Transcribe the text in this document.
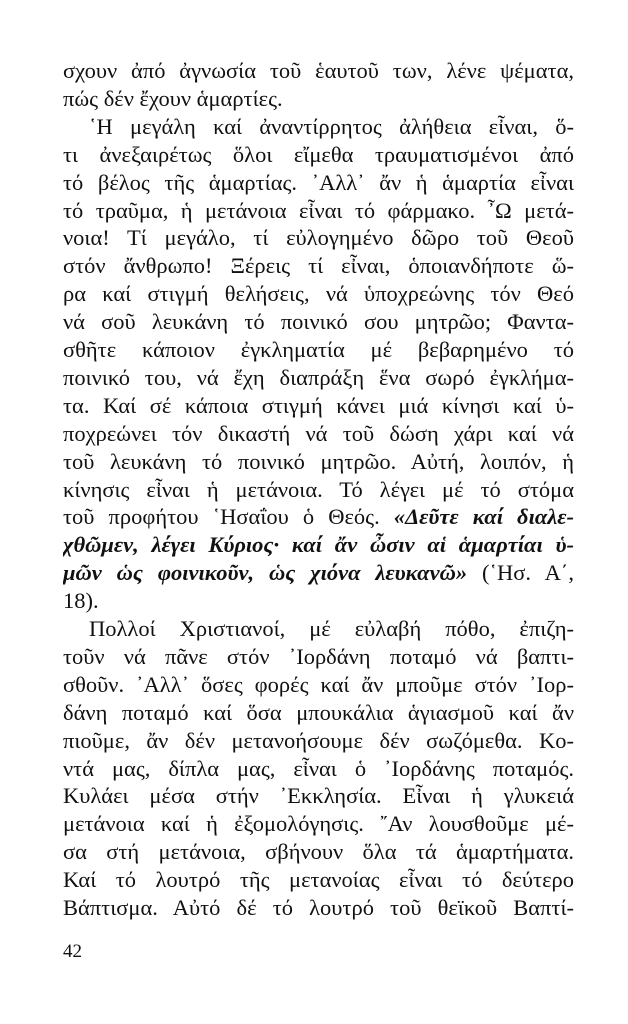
σχουν ἀπό ἀγνωσία τοῦ ἑαυτοῦ των, λένε ψέματα,
πώς δέν ἔχουν ἁμαρτίες.
῾Η μεγάλη καί ἀναντίρρητος ἀλήθεια εἶναι, ὅ-
τι ἀνεξαιρέτως ὅλοι εἴμεθα τραυματισμένοι ἀπό
τό βέλος τῆς ἁμαρτίας. ᾿Αλλ᾿ ἄν ἡ ἁμαρτία εἶναι
τό τραῦμα, ἡ μετάνοια εἶναι τό φάρμακο. ῏Ω μετά-
νοια! Τί μεγάλο, τί εὐλογημένο δῶρο τοῦ Θεοῦ
στόν ἄνθρωπο! Ξέρεις τί εἶναι, ὁποιανδήποτε ὥ-
ρα καί στιγμή θελήσεις, νά ὑποχρεώνης τόν Θεό
νά σοῦ λευκάνη τό ποινικό σου μητρῶο; Φαντα-
σθῆτε κάποιον ἐγκληματία μέ βεβαρημένο τό
ποινικό του, νά ἔχη διαπράξη ἕνα σωρό ἐγκλήμα-
τα. Καί σέ κάποια στιγμή κάνει μιά κίνησι καί ὑ-
ποχρεώνει τόν δικαστή νά τοῦ δώση χάρι καί νά
τοῦ λευκάνη τό ποινικό μητρῶο. Αὐτή, λοιπόν, ἡ
κίνησις εἶναι ἡ μετάνοια. Τό λέγει μέ τό στόμα
τοῦ προφήτου ῾Ησαΐου ὁ Θεός. «Δεῦτε καί διαλε-
χθῶμεν, λέγει Κύριος· καί ἄν ὦσιν αἱ ἁμαρτίαι ὑ-
μῶν ὡς φοινικοῦν, ὡς χιόνα λευκανῶ» (῾Ησ. Α΄,
18).
Πολλοί Χριστιανοί, μέ εὐλαβή πόθο, ἐπιζη-
τοῦν νά πᾶνε στόν ᾿Ιορδάνη ποταμό νά βαπτι-
σθοῦν. ᾿Αλλ᾿ ὅσες φορές καί ἄν μποῦμε στόν ᾿Ιορ-
δάνη ποταμό καί ὅσα μπουκάλια ἁγιασμοῦ καί ἄν
πιοῦμε, ἄν δέν μετανοήσουμε δέν σωζόμεθα. Κο-
ντά μας, δίπλα μας, εἶναι ὁ ᾿Ιορδάνης ποταμός.
Κυλάει μέσα στήν ᾿Εκκλησία. Εἶναι ἡ γλυκειά
μετάνοια καί ἡ ἐξομολόγησις. ῎Αν λουσθοῦμε μέ-
σα στή μετάνοια, σβήνουν ὅλα τά ἁμαρτήματα.
Καί τό λουτρό τῆς μετανοίας εἶναι τό δεύτερο
Βάπτισμα. Αὐτό δέ τό λουτρό τοῦ θεϊκοῦ Βαπτί-
42
